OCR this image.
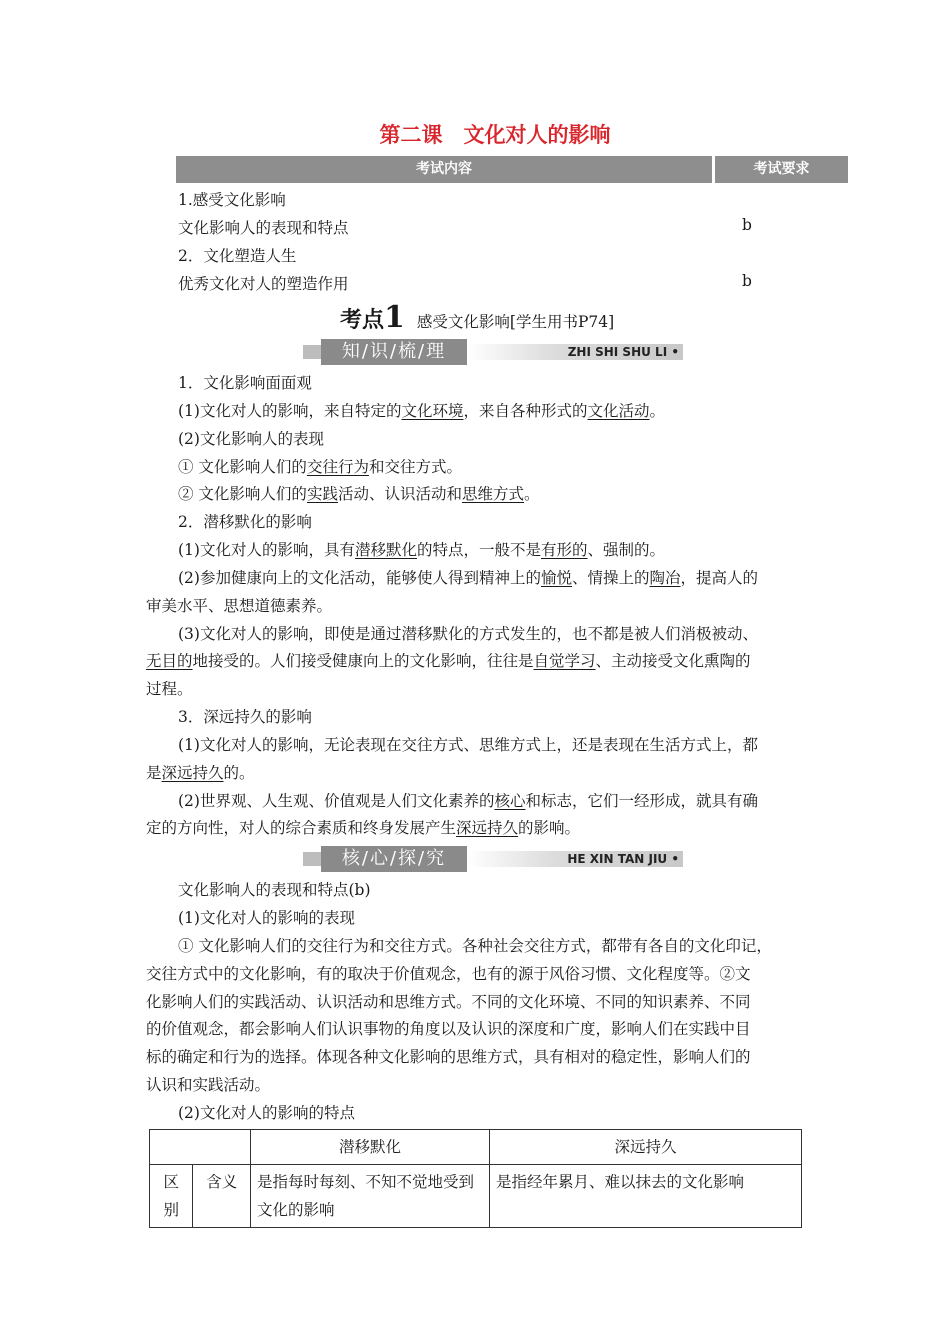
第二课　文化对人的影响
考试内容	考试要求
1.感受文化影响
文化影响人的表现和特点	b
2．文化塑造人生
优秀文化对人的塑造作用	b
考点1 感受文化影响[学生用书P74]
知/识/梳/理	ZHI SHI SHU LI •
1．文化影响面面观
(1)文化对人的影响，来自特定的文化环境，来自各种形式的文化活动。
(2)文化影响人的表现
① 文化影响人们的交往行为和交往方式。
② 文化影响人们的实践活动、认识活动和思维方式。
2．潜移默化的影响
(1)文化对人的影响，具有潜移默化的特点，一般不是有形的、强制的。
(2)参加健康向上的文化活动，能够使人得到精神上的愉悦、情操上的陶冶，提高人的
审美水平、思想道德素养。
(3)文化对人的影响，即使是通过潜移默化的方式发生的，也不都是被人们消极被动、
无目的地接受的。人们接受健康向上的文化影响，往往是自觉学习、主动接受文化熏陶的
过程。
3．深远持久的影响
(1)文化对人的影响，无论表现在交往方式、思维方式上，还是表现在生活方式上，都
是深远持久的。
(2)世界观、人生观、价值观是人们文化素养的核心和标志，它们一经形成，就具有确
定的方向性，对人的综合素质和终身发展产生深远持久的影响。
核/心/探/究	HE XIN TAN JIU •
文化影响人的表现和特点(b)
(1)文化对人的影响的表现
① 文化影响人们的交往行为和交往方式。各种社会交往方式，都带有各自的文化印记，
交往方式中的文化影响，有的取决于价值观念，也有的源于风俗习惯、文化程度等。②文
化影响人们的实践活动、认识活动和思维方式。不同的文化环境、不同的知识素养、不同
的价值观念，都会影响人们认识事物的角度以及认识的深度和广度，影响人们在实践中目
标的确定和行为的选择。体现各种文化影响的思维方式，具有相对的稳定性，影响人们的
认识和实践活动。
(2)文化对人的影响的特点
		潜移默化	深远持久
区别	含义	是指每时每刻、不知不觉地受到文化的影响	是指经年累月、难以抹去的文化影响
